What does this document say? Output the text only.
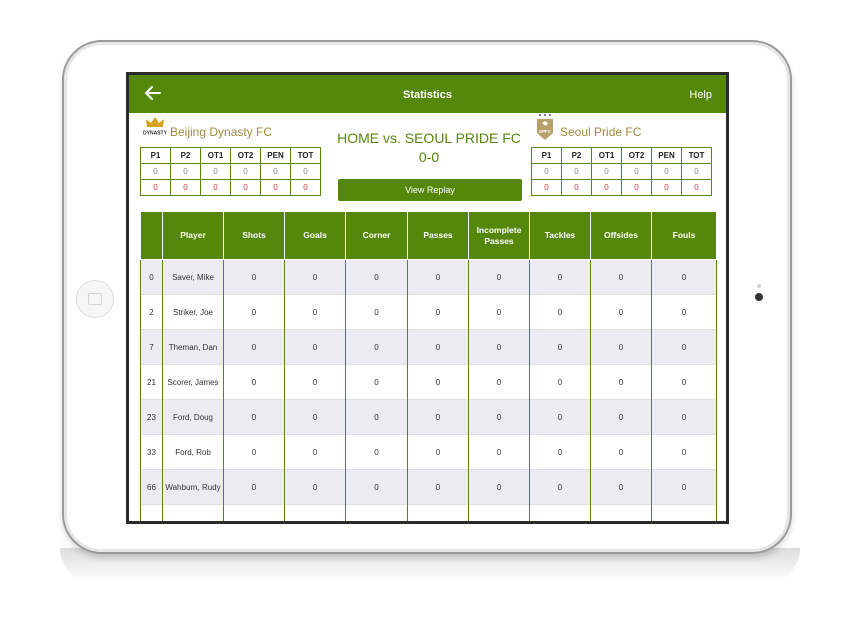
Statistics	Help
DYNASTY Beijing Dynasty FC
P1	P2	OT1	OT2	PEN	TOT
0	0	0	0	0	0
0	0	0	0	0	0
HOME vs. SEOUL PRIDE FC
0-0
View Replay
SPFC Seoul Pride FC
P1	P2	OT1	OT2	PEN	TOT
0	0	0	0	0	0
0	0	0	0	0	0
	Player	Shots	Goals	Corner	Passes	Incomplete Passes	Tackles	Offsides	Fouls
0	Saver, Mike	0	0	0	0	0	0	0	0
2	Striker, Joe	0	0	0	0	0	0	0	0
7	Theman, Dan	0	0	0	0	0	0	0	0
21	Scorer, James	0	0	0	0	0	0	0	0
23	Ford, Doug	0	0	0	0	0	0	0	0
33	Ford, Rob	0	0	0	0	0	0	0	0
66	Wahburn, Rudy	0	0	0	0	0	0	0	0
